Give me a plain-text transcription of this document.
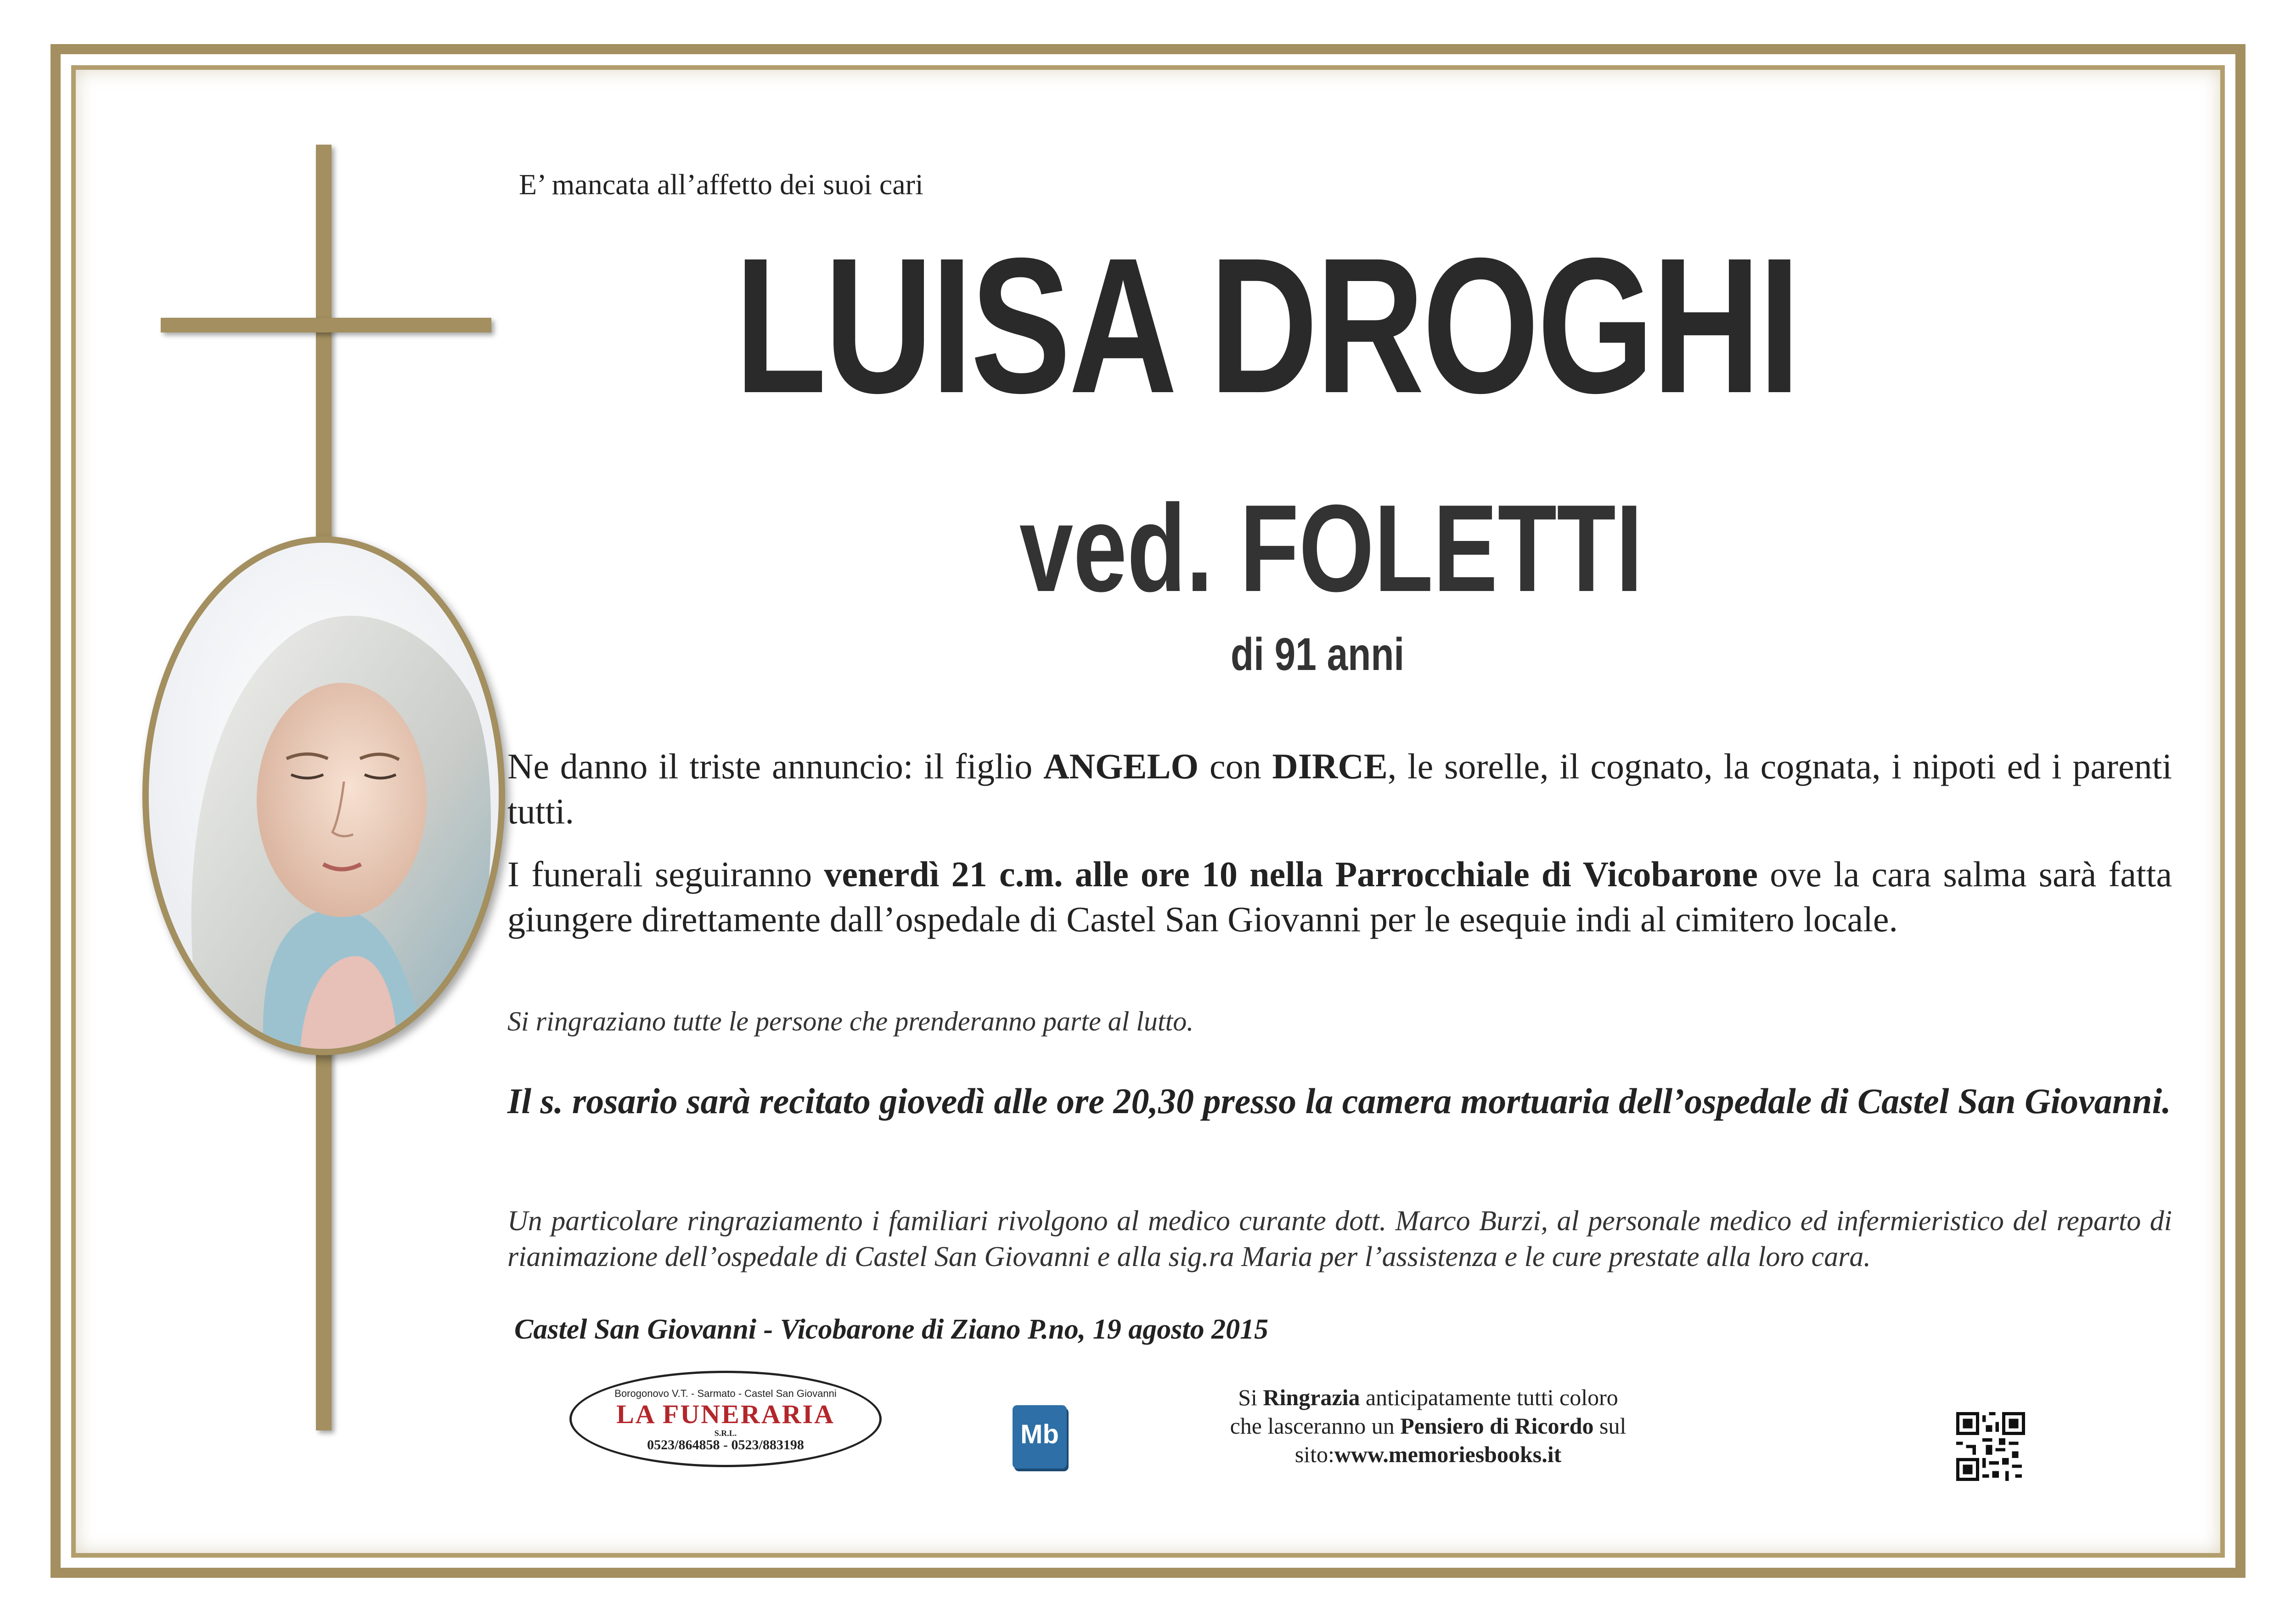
E’ mancata all’affetto dei suoi cari

LUISA DROGHI

ved. FOLETTI

di 91 anni

Ne danno il triste annuncio: il figlio ANGELO con DIRCE, le sorelle, il cognato, la cognata, i nipoti ed i parenti tutti.

I funerali seguiranno venerdì 21 c.m. alle ore 10 nella Parrocchiale di Vicobarone ove la cara salma sarà fatta giungere direttamente dall’ospedale di Castel San Giovanni per le esequie indi al cimitero locale.

Si ringraziano tutte le persone che prenderanno parte al lutto.

Il s. rosario sarà recitato giovedì alle ore 20,30 presso la camera mortuaria dell’ospedale di Castel San Giovanni.

Un particolare ringraziamento i familiari rivolgono al medico curante dott. Marco Burzi, al personale medico ed infermieristico del reparto di rianimazione dell’ospedale di Castel San Giovanni e alla sig.ra Maria per l’assistenza e le cure prestate alla loro cara.

Castel San Giovanni - Vicobarone di Ziano P.no, 19 agosto 2015

Borogonovo V.T. - Sarmato - Castel San Giovanni
LA FUNERARIA
S.R.L.
0523/864858 - 0523/883198	Mb

Si Ringrazia anticipatamente tutti coloro
che lasceranno un Pensiero di Ricordo sul
sito:www.memoriesbooks.it
